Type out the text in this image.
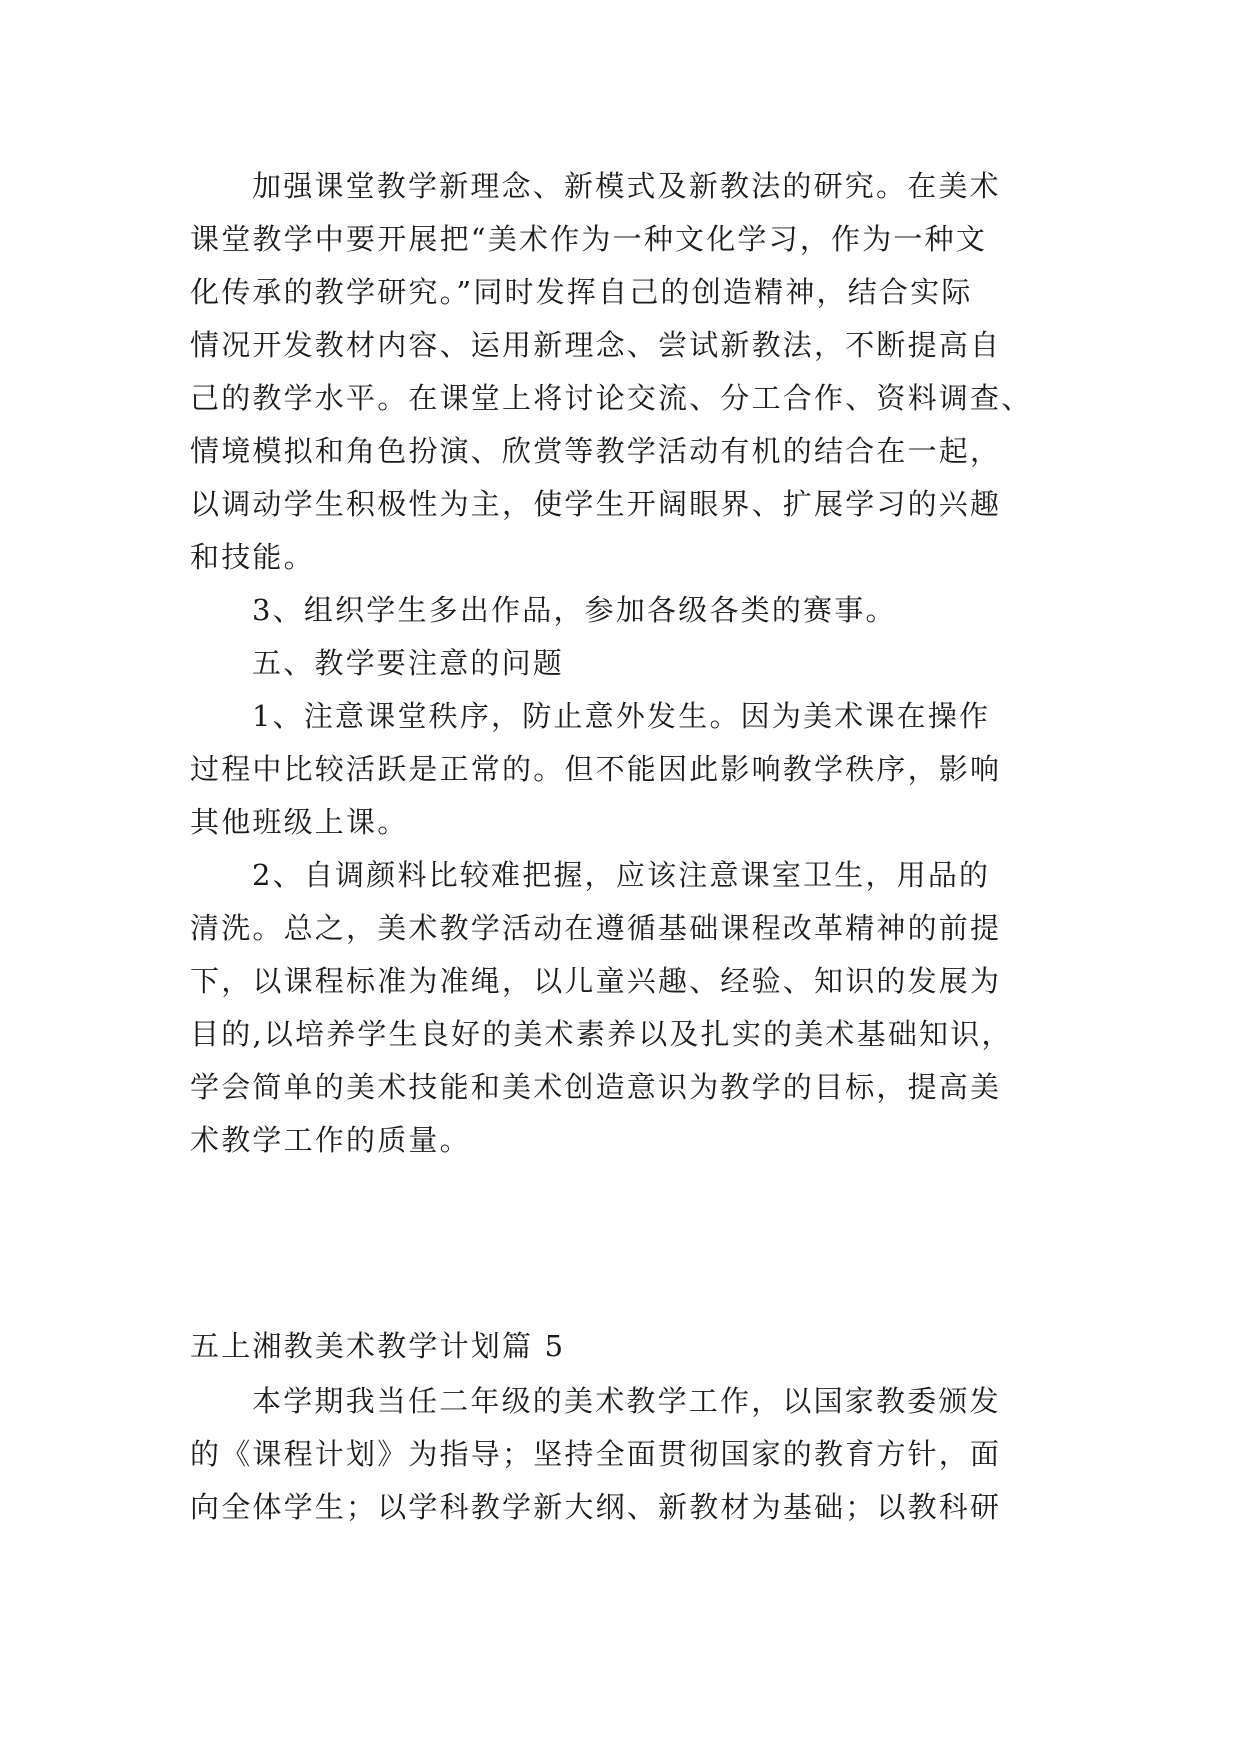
加强课堂教学新理念、新模式及新教法的研究。在美术
课堂教学中要开展把“美术作为一种文化学习，作为一种文
化传承的教学研究。”同时发挥自己的创造精神，结合实际
情况开发教材内容、运用新理念、尝试新教法，不断提高自
己的教学水平。在课堂上将讨论交流、分工合作、资料调查、
情境模拟和角色扮演、欣赏等教学活动有机的结合在一起，
以调动学生积极性为主，使学生开阔眼界、扩展学习的兴趣
和技能。
3、组织学生多出作品，参加各级各类的赛事。
五、教学要注意的问题
1、注意课堂秩序，防止意外发生。因为美术课在操作
过程中比较活跃是正常的。但不能因此影响教学秩序，影响
其他班级上课。
2、自调颜料比较难把握，应该注意课室卫生，用品的
清洗。总之，美术教学活动在遵循基础课程改革精神的前提
下，以课程标准为准绳，以儿童兴趣、经验、知识的发展为
目的,以培养学生良好的美术素养以及扎实的美术基础知识，
学会简单的美术技能和美术创造意识为教学的目标，提高美
术教学工作的质量。
五上湘教美术教学计划篇 5
本学期我当任二年级的美术教学工作，以国家教委颁发
的《课程计划》为指导；坚持全面贯彻国家的教育方针，面
向全体学生；以学科教学新大纲、新教材为基础；以教科研
